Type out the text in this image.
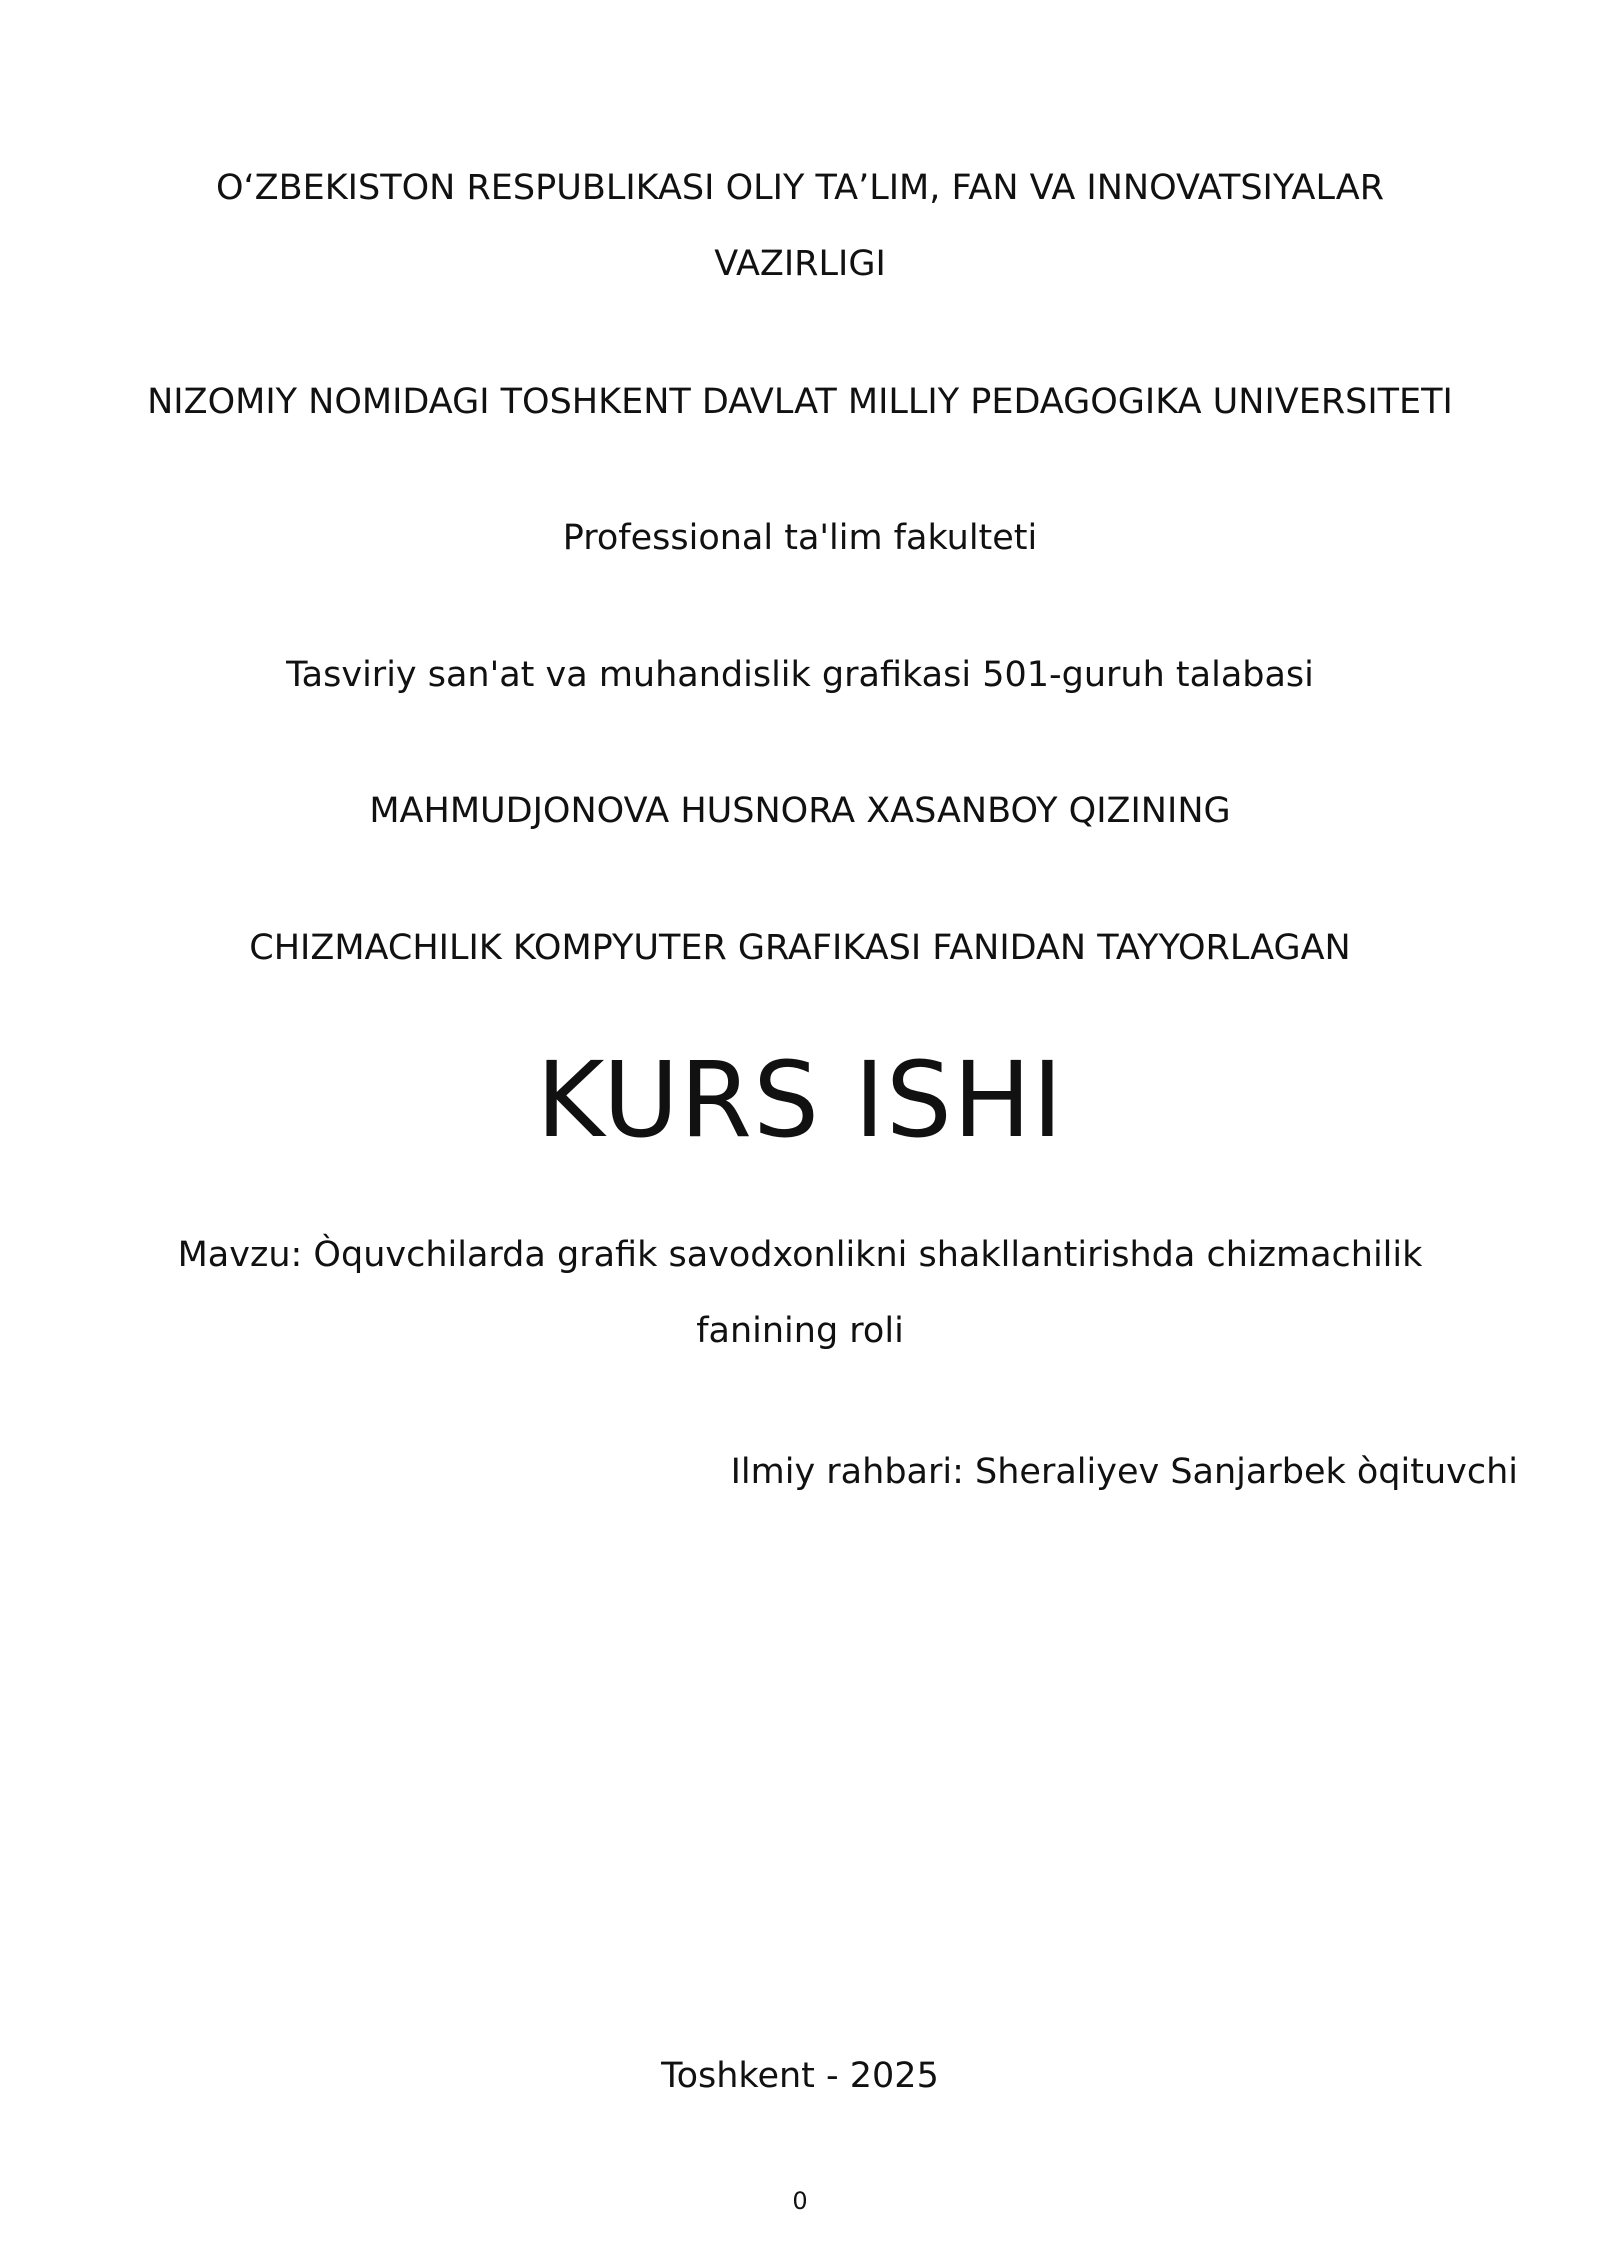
O‘ZBEKISTON RESPUBLIKASI OLIY TA’LIM, FAN VA INNOVATSIYALAR
VAZIRLIGI
NIZOMIY NOMIDAGI TOSHKENT DAVLAT MILLIY PEDAGOGIKA UNIVERSITETI
Professional ta'lim fakulteti
Tasviriy san'at va muhandislik grafikasi 501-guruh talabasi
MAHMUDJONOVA HUSNORA XASANBOY QIZINING
CHIZMACHILIK KOMPYUTER GRAFIKASI FANIDAN TAYYORLAGAN
KURS ISHI
Mavzu: Òquvchilarda grafik savodxonlikni shakllantirishda chizmachilik
fanining roli
Ilmiy rahbari: Sheraliyev Sanjarbek òqituvchi
Toshkent - 2025
0
